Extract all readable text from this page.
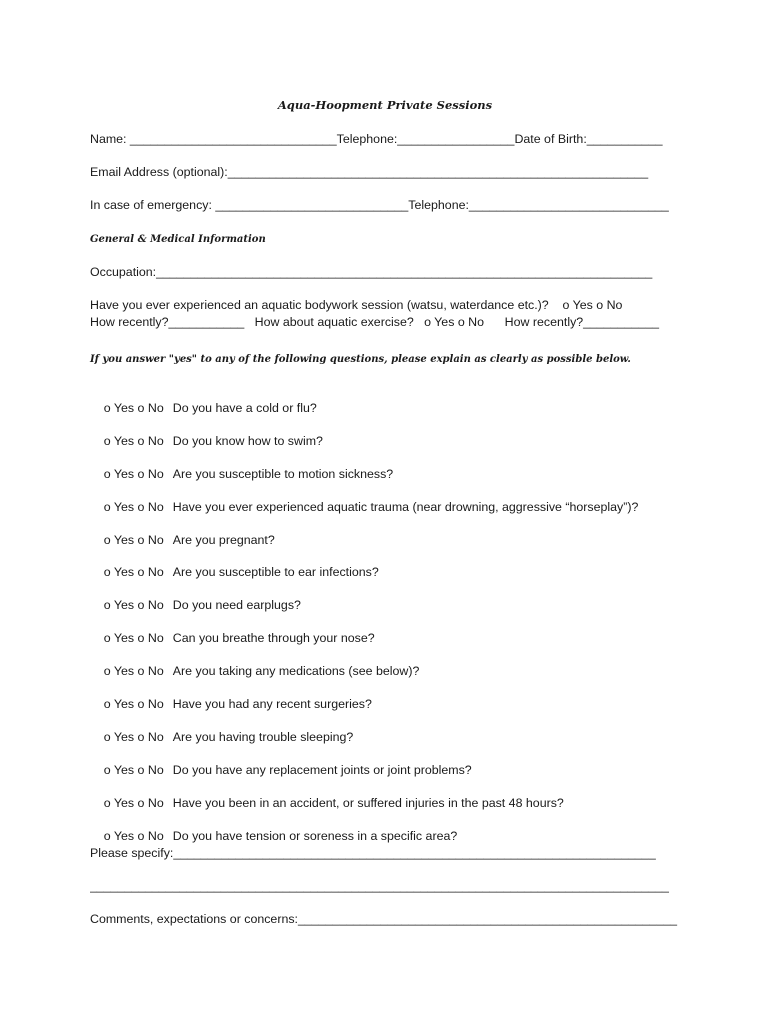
Aqua-Hoopment Private Sessions
Name: ______________________________Telephone:_________________Date of Birth:___________
Email Address (optional):_____________________________________________________________
In case of emergency: ____________________________Telephone:_____________________________
General & Medical Information
Occupation:________________________________________________________________________
Have you ever experienced an aquatic bodywork session (watsu, waterdance etc.)?    o Yes o No
How recently?___________   How about aquatic exercise?   o Yes o No      How recently?___________
If you answer "yes" to any of the following questions, please explain as clearly as possible below.

o Yes o No Do you have a cold or flu?

o Yes o No Do you know how to swim?

o Yes o No Are you susceptible to motion sickness?

o Yes o No Have you ever experienced aquatic trauma (near drowning, aggressive “horseplay”)?

o Yes o No Are you pregnant?

o Yes o No Are you susceptible to ear infections?

o Yes o No Do you need earplugs?

o Yes o No Can you breathe through your nose?

o Yes o No Are you taking any medications (see below)?

o Yes o No Have you had any recent surgeries?

o Yes o No Are you having trouble sleeping?

o Yes o No Do you have any replacement joints or joint problems?

o Yes o No Have you been in an accident, or suffered injuries in the past 48 hours?

o Yes o No Do you have tension or soreness in a specific area?

Please specify:______________________________________________________________________
____________________________________________________________________________________
Comments, expectations or concerns:_______________________________________________________
